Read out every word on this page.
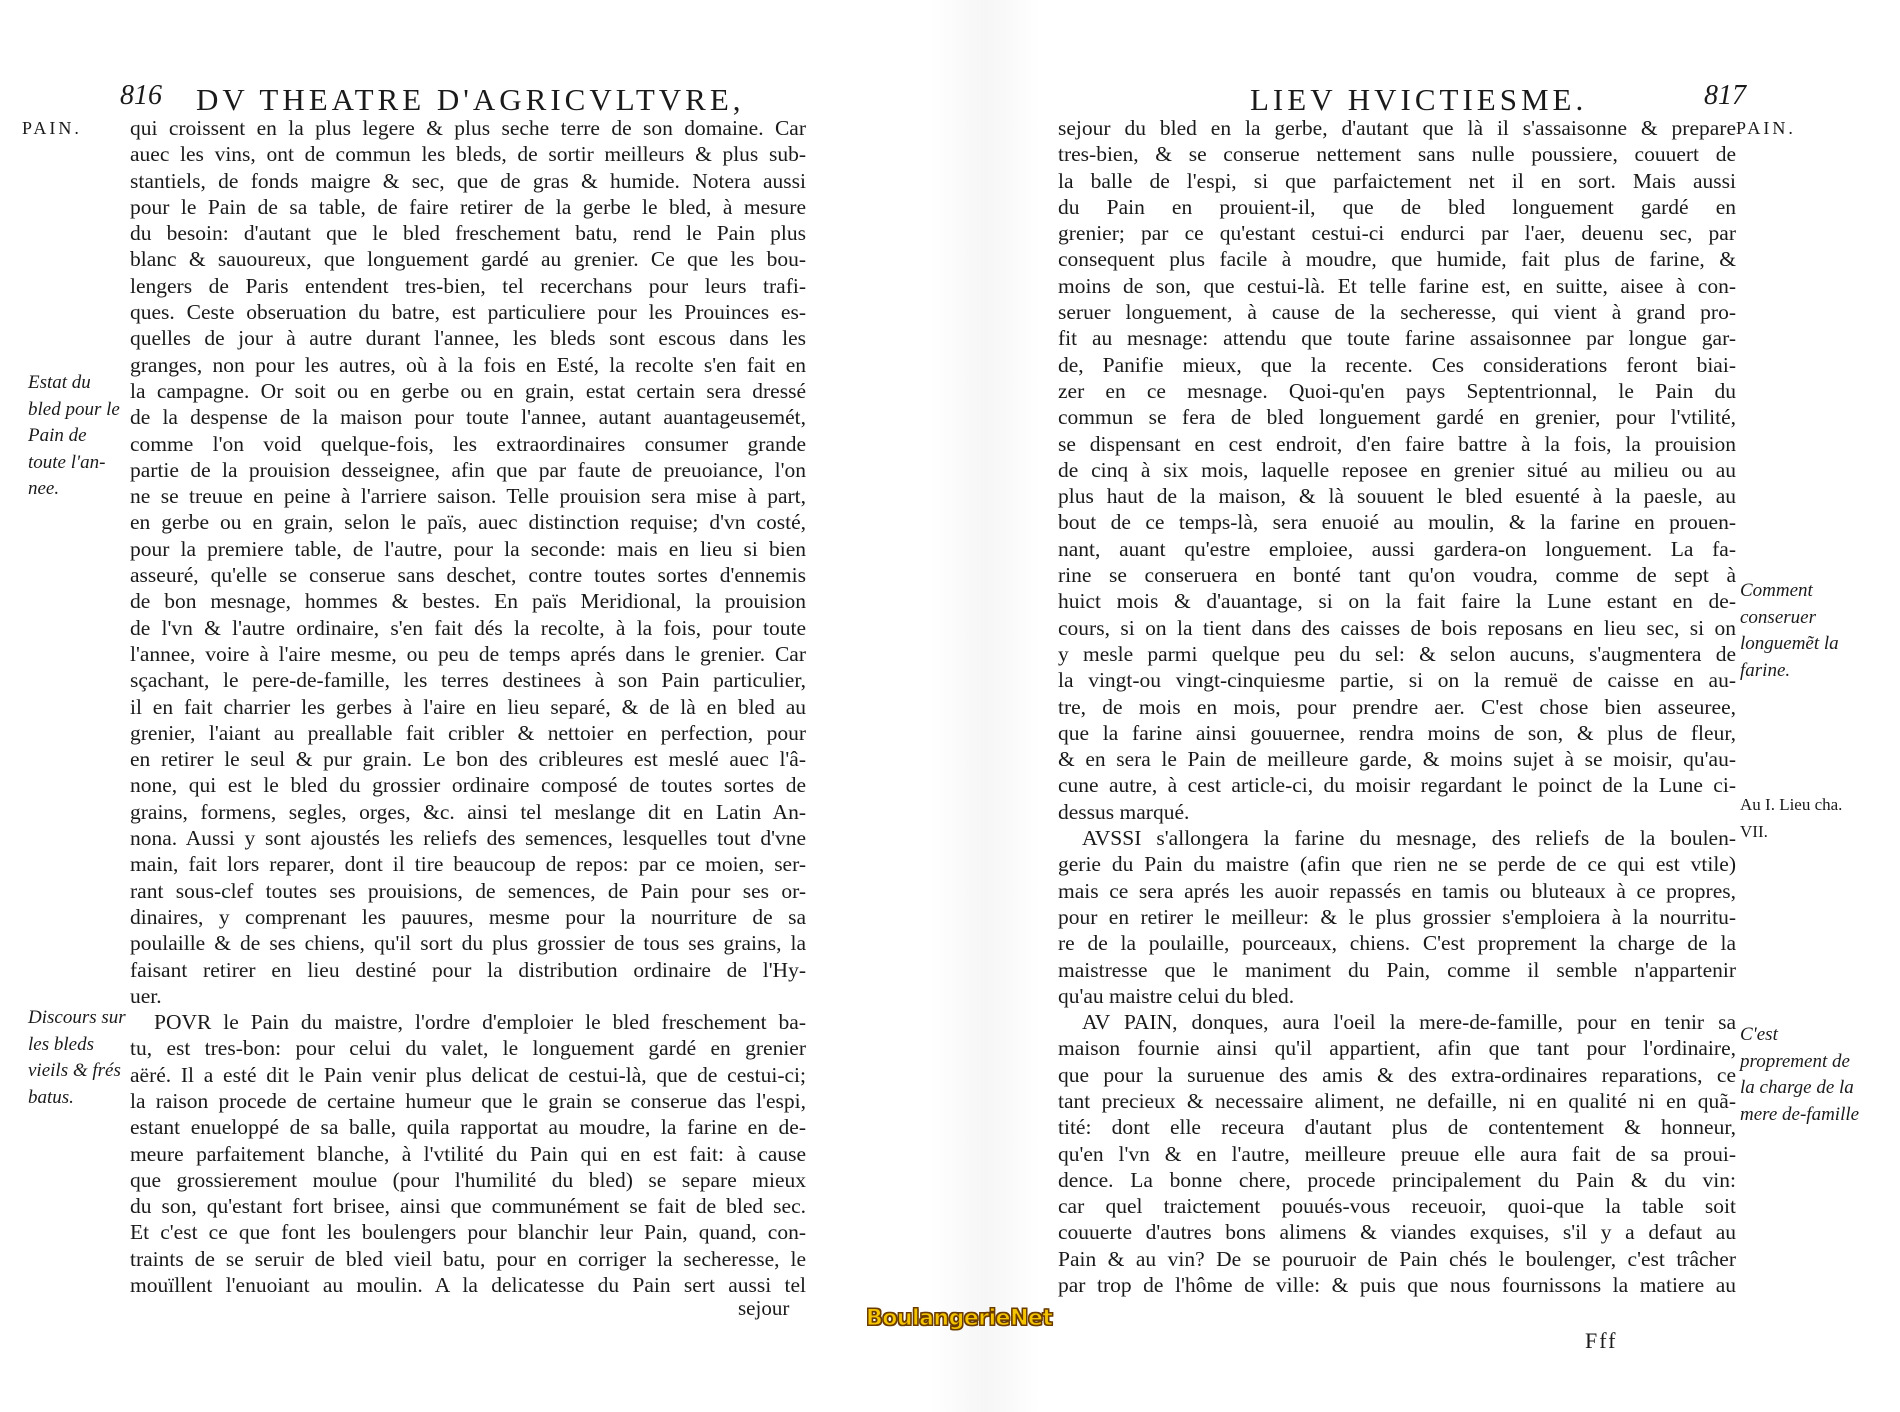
816 DV THEATRE D'AGRICVLTVRE,
PAIN. qui croissent en la plus legere & plus seche terre de son domaine. Car
auec les vins, ont de commun les bleds, de sortir meilleurs & plus sub-
stantiels, de fonds maigre & sec, que de gras & humide. Notera aussi
pour le Pain de sa table, de faire retirer de la gerbe le bled, à mesure
du besoin: d'autant que le bled freschement batu, rend le Pain plus
blanc & sauoureux, que longuement gardé au grenier. Ce que les bou-
lengers de Paris entendent tres-bien, tel recerchans pour leurs trafi-
ques. Ceste obseruation du batre, est particuliere pour les Prouinces es-
quelles de jour à autre durant l'annee, les bleds sont escous dans les
granges, non pour les autres, où à la fois en Esté, la recolte s'en fait en
la campagne. Or soit ou en gerbe ou en grain, estat certain sera dressé
de la despense de la maison pour toute l'annee, autant auantageusemét,
comme l'on void quelque-fois, les extraordinaires consumer grande
partie de la prouision desseignee, afin que par faute de preuoiance, l'on
ne se treuue en peine à l'arriere saison. Telle prouision sera mise à part,
en gerbe ou en grain, selon le païs, auec distinction requise; d'vn costé,
pour la premiere table, de l'autre, pour la seconde: mais en lieu si bien
asseuré, qu'elle se conserue sans deschet, contre toutes sortes d'ennemis
de bon mesnage, hommes & bestes. En païs Meridional, la prouision
de l'vn & l'autre ordinaire, s'en fait dés la recolte, à la fois, pour toute
l'annee, voire à l'aire mesme, ou peu de temps aprés dans le grenier. Car
sçachant, le pere-de-famille, les terres destinees à son Pain particulier,
il en fait charrier les gerbes à l'aire en lieu separé, & de là en bled au
grenier, l'aiant au preallable fait cribler & nettoier en perfection, pour
en retirer le seul & pur grain. Le bon des cribleures est meslé auec l'â-
none, qui est le bled du grossier ordinaire composé de toutes sortes de
grains, formens, segles, orges, &c. ainsi tel meslange dit en Latin An-
nona. Aussi y sont ajoustés les reliefs des semences, lesquelles tout d'vne
main, fait lors reparer, dont il tire beaucoup de repos: par ce moien, ser-
rant sous-clef toutes ses prouisions, de semences, de Pain pour ses or-
dinaires, y comprenant les pauures, mesme pour la nourriture de sa
poulaille & de ses chiens, qu'il sort du plus grossier de tous ses grains, la
faisant retirer en lieu destiné pour la distribution ordinaire de l'Hy-
uer.
POVR le Pain du maistre, l'ordre d'emploier le bled freschement ba-
tu, est tres-bon: pour celui du valet, le longuement gardé en grenier
aëré. Il a esté dit le Pain venir plus delicat de cestui-là, que de cestui-ci;
la raison procede de certaine humeur que le grain se conserue das l'espi,
estant enueloppé de sa balle, quila rapportat au moudre, la farine en de-
meure parfaitement blanche, à l'vtilité du Pain qui en est fait: à cause
que grossierement moulue (pour l'humilité du bled) se separe mieux
du son, qu'estant fort brisee, ainsi que communément se fait de bled sec.
Et c'est ce que font les boulengers pour blanchir leur Pain, quand, con-
traints de se seruir de bled vieil batu, pour en corriger la secheresse, le
mouïllent l'enuoiant au moulin. A la delicatesse du Pain sert aussi tel
Estat du bled pour le Pain de toute l'an-nee.
Discours sur les bleds vieils & frés batus.
sejour
LIEV HVICTIESME.	817
PAIN.
sejour du bled en la gerbe, d'autant que là il s'assaisonne & prepare
tres-bien, & se conserue nettement sans nulle poussiere, couuert de
la balle de l'espi, si que parfaictement net il en sort. Mais aussi
du Pain en prouient-il, que de bled longuement gardé en
grenier; par ce qu'estant cestui-ci endurci par l'aer, deuenu sec, par
consequent plus facile à moudre, que humide, fait plus de farine, &
moins de son, que cestui-là. Et telle farine est, en suitte, aisee à con-
seruer longuement, à cause de la secheresse, qui vient à grand pro-
fit au mesnage: attendu que toute farine assaisonnee par longue gar-
de, Panifie mieux, que la recente. Ces considerations feront biai-
zer en ce mesnage. Quoi-qu'en pays Septentrionnal, le Pain du
commun se fera de bled longuement gardé en grenier, pour l'vtilité,
se dispensant en cest endroit, d'en faire battre à la fois, la prouision
de cinq à six mois, laquelle reposee en grenier situé au milieu ou au
plus haut de la maison, & là souuent le bled esuenté à la paesle, au
bout de ce temps-là, sera enuoié au moulin, & la farine en prouen-
nant, auant qu'estre emploiee, aussi gardera-on longuement. La fa-
rine se conseruera en bonté tant qu'on voudra, comme de sept à
huict mois & d'auantage, si on la fait faire la Lune estant en de-
cours, si on la tient dans des caisses de bois reposans en lieu sec, si on
y mesle parmi quelque peu du sel: & selon aucuns, s'augmentera de
la vingt-ou vingt-cinquiesme partie, si on la remuë de caisse en au-
tre, de mois en mois, pour prendre aer. C'est chose bien asseuree,
que la farine ainsi gouuernee, rendra moins de son, & plus de fleur,
& en sera le Pain de meilleure garde, & moins sujet à se moisir, qu'au-
cune autre, à cest article-ci, du moisir regardant le poinct de la Lune ci-
dessus marqué.
AVSSI s'allongera la farine du mesnage, des reliefs de la boulen-
gerie du Pain du maistre (afin que rien ne se perde de ce qui est vtile)
mais ce sera aprés les auoir repassés en tamis ou bluteaux à ce propres,
pour en retirer le meilleur: & le plus grossier s'emploiera à la nourritu-
re de la poulaille, pourceaux, chiens. C'est proprement la charge de la
maistresse que le maniment du Pain, comme il semble n'appartenir
qu'au maistre celui du bled.
AV PAIN, donques, aura l'oeil la mere-de-famille, pour en tenir sa
maison fournie ainsi qu'il appartient, afin que tant pour l'ordinaire,
que pour la suruenue des amis & des extra-ordinaires reparations, ce
tant precieux & necessaire aliment, ne defaille, ni en qualité ni en quã-
tité: dont elle receura d'autant plus de contentement & honneur,
qu'en l'vn & en l'autre, meilleure preuue elle aura fait de sa proui-
dence. La bonne chere, procede principalement du Pain & du vin:
car quel traictement pouués-vous receuoir, quoi-que la table soit
couuerte d'autres bons alimens & viandes exquises, s'il y a defaut au
Pain & au vin? De se pouruoir de Pain chés le boulenger, c'est trâcher
par trop de l'hôme de ville: & puis que nous fournissons la matiere au
Comment conseruer longuemẽt la farine.
Au I. Lieu cha. VII.
C'est proprement de la charge de la mere de-famille
Fff
BoulangerieNet
